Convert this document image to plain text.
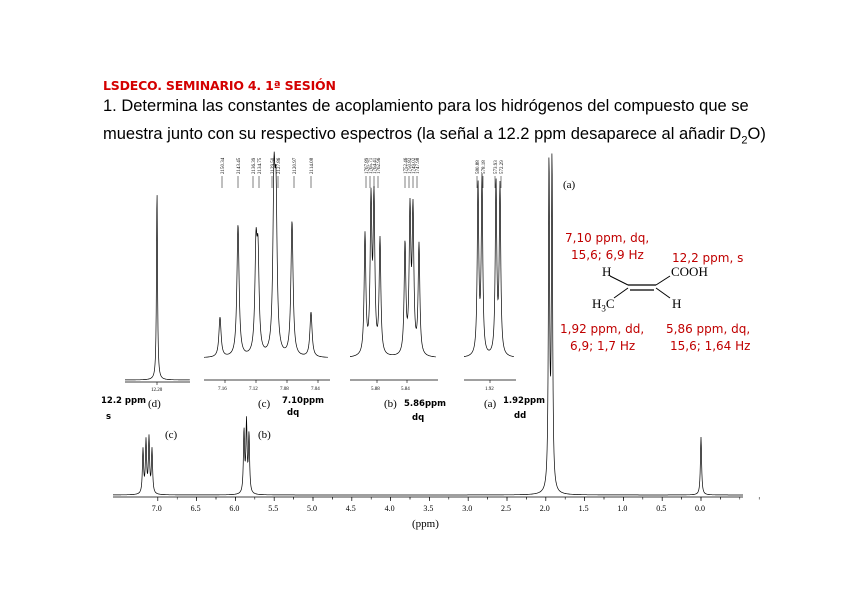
LSDECO. SEMINARIO 4. 1ª SESIÓN
1. Determina las constantes de acoplamiento para los hidrógenos del compuesto que se
muestra junto con su respectivo espectros (la señal a 12.2 ppm desaparece al añadir $D_2O$)
7.0	6.5	6.0	5.5	5.0	4.5	4.0	3.5	3.0	2.5	2.0	1.5	1.0	0.5	0.0
(ppm)
(a)
(b)
(c)
12.20
(d)
7.16	7.12	7.08	7.04
(c)
5.88	5.84
(b)
1.92
(a)
2150.34 2143.45 2136.39 2134.75 2129.50 2127.86 2120.97 2114.08	1767.89 1765.71 1764.41 1762.96	1752.46 1750.82 1749.02 1747.98	580.88 578.18 573.93 572.29
12.2 ppm
s
7.10ppm
dq
5.86ppm
dq
1.92ppm
dd
H	COOH
$H_3C$	H
7,10 ppm, dq,
15,6; 6,9 Hz	12,2 ppm, s
1,92 ppm, dd,
6,9; 1,7 Hz
5,86 ppm, dq,
15,6; 1,64 Hz
